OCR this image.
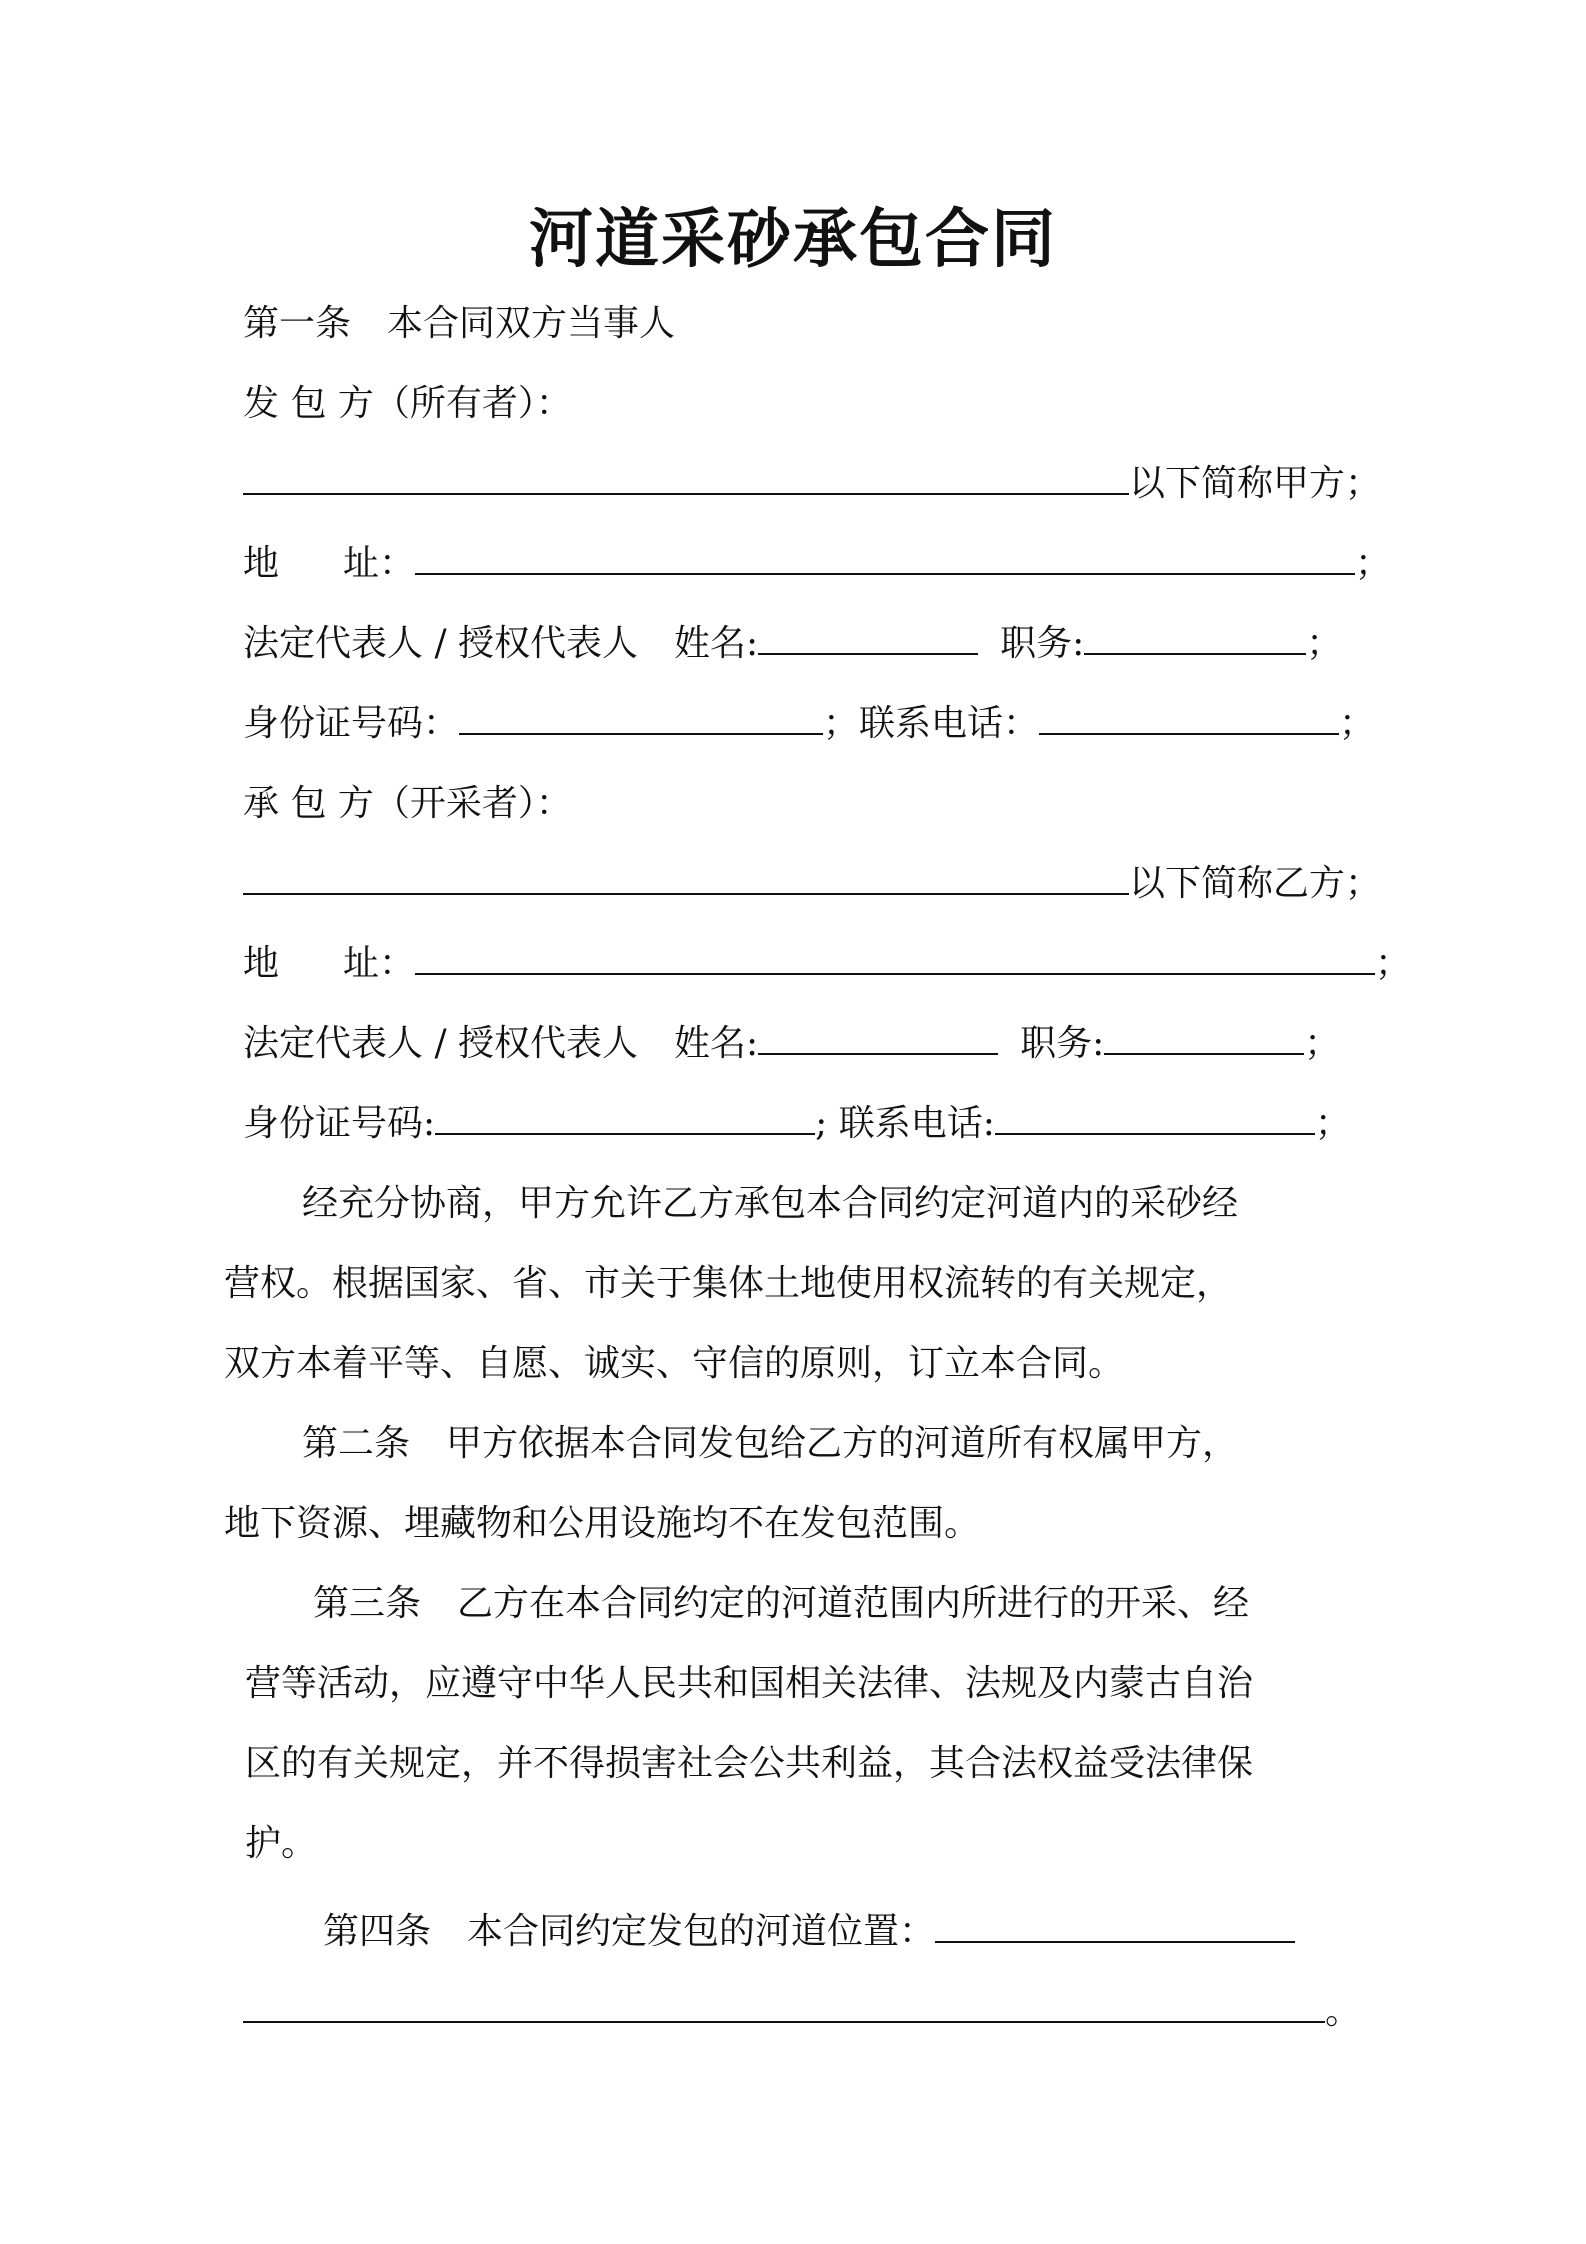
河道采砂承包合同
第一条　本合同双方当事人
发 包 方（所有者）：
以下简称甲方；
地 址：	；
法定代表人 / 授权代表人　姓名:	职务:	；
身份证号码：	；联系电话：	；
承 包 方（开采者）：
以下简称乙方；
地 址：	；
法定代表人 / 授权代表人　姓名:	职务:	；
身份证号码:	; 联系电话:	；
经充分协商，甲方允许乙方承包本合同约定河道内的采砂经
营权。根据国家、省、市关于集体土地使用权流转的有关规定，
双方本着平等、自愿、诚实、守信的原则，订立本合同。
第二条　甲方依据本合同发包给乙方的河道所有权属甲方，
地下资源、埋藏物和公用设施均不在发包范围。
第三条　乙方在本合同约定的河道范围内所进行的开采、经
营等活动，应遵守中华人民共和国相关法律、法规及内蒙古自治
区的有关规定，并不得损害社会公共利益，其合法权益受法律保
护。
第四条　本合同约定发包的河道位置：
。
